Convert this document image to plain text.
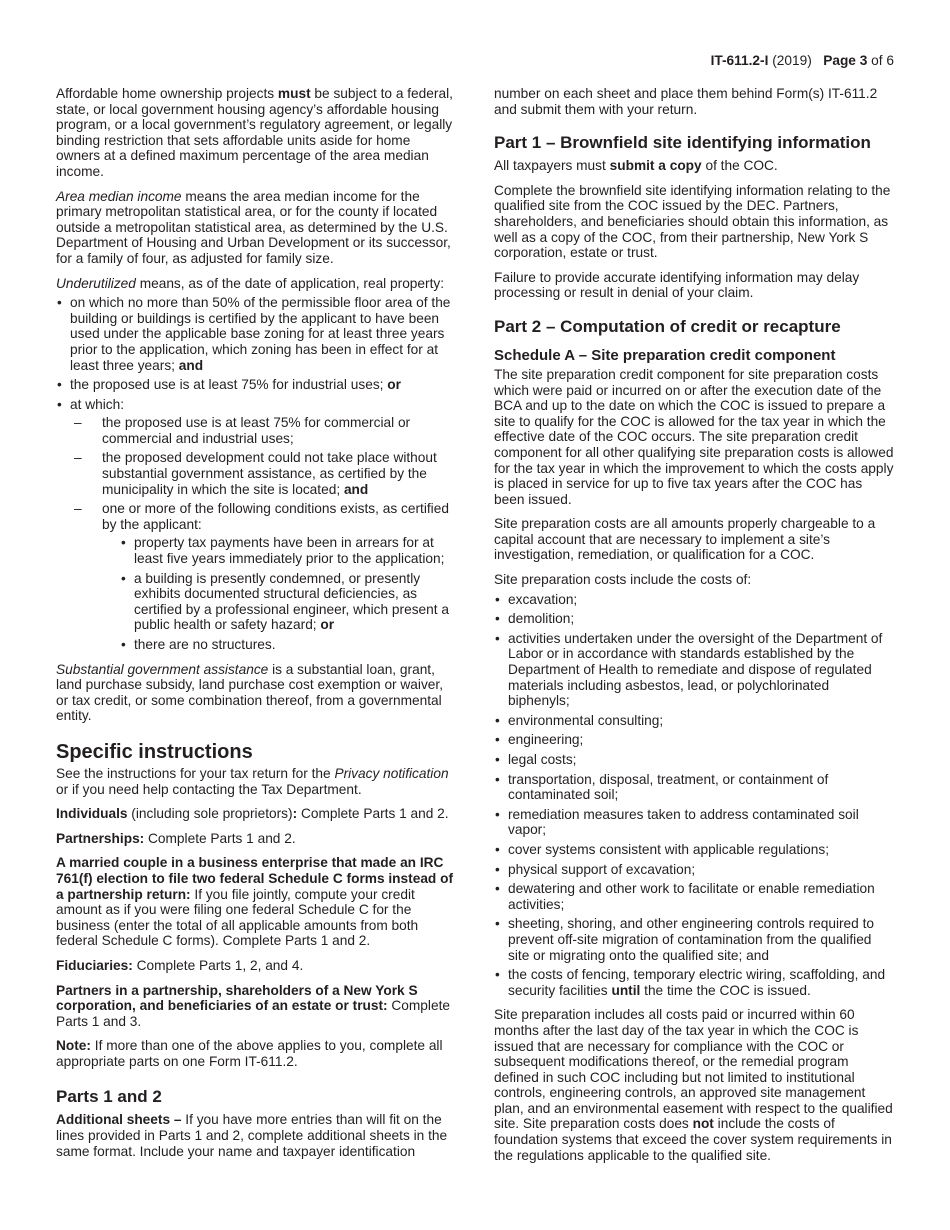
IT-611.2-I (2019) Page 3 of 6

Affordable home ownership projects must be subject to a federal, state, or local government housing agency’s affordable housing program, or a local government’s regulatory agreement, or legally binding restriction that sets affordable units aside for home owners at a defined maximum percentage of the area median income.

Area median income means the area median income for the primary metropolitan statistical area, or for the county if located outside a metropolitan statistical area, as determined by the U.S. Department of Housing and Urban Development or its successor, for a family of four, as adjusted for family size.

Underutilized means, as of the date of application, real property:

• on which no more than 50% of the permissible floor area of the building or buildings is certified by the applicant to have been used under the applicable base zoning for at least three years prior to the application, which zoning has been in effect for at least three years; and
• the proposed use is at least 75% for industrial uses; or
• at which:
– the proposed use is at least 75% for commercial or commercial and industrial uses;
– the proposed development could not take place without substantial government assistance, as certified by the municipality in which the site is located; and
– one or more of the following conditions exists, as certified by the applicant:
• property tax payments have been in arrears for at least five years immediately prior to the application;
• a building is presently condemned, or presently exhibits documented structural deficiencies, as certified by a professional engineer, which present a public health or safety hazard; or
• there are no structures.

Substantial government assistance is a substantial loan, grant, land purchase subsidy, land purchase cost exemption or waiver, or tax credit, or some combination thereof, from a governmental entity.

Specific instructions

See the instructions for your tax return for the Privacy notification or if you need help contacting the Tax Department.

Individuals (including sole proprietors): Complete Parts 1 and 2.

Partnerships: Complete Parts 1 and 2.

A married couple in a business enterprise that made an IRC 761(f) election to file two federal Schedule C forms instead of a partnership return: If you file jointly, compute your credit amount as if you were filing one federal Schedule C for the business (enter the total of all applicable amounts from both federal Schedule C forms). Complete Parts 1 and 2.

Fiduciaries: Complete Parts 1, 2, and 4.

Partners in a partnership, shareholders of a New York S corporation, and beneficiaries of an estate or trust: Complete Parts 1 and 3.

Note: If more than one of the above applies to you, complete all appropriate parts on one Form IT-611.2.

Parts 1 and 2

Additional sheets – If you have more entries than will fit on the lines provided in Parts 1 and 2, complete additional sheets in the same format. Include your name and taxpayer identification

number on each sheet and place them behind Form(s) IT-611.2 and submit them with your return.

Part 1 – Brownfield site identifying information

All taxpayers must submit a copy of the COC.

Complete the brownfield site identifying information relating to the qualified site from the COC issued by the DEC. Partners, shareholders, and beneficiaries should obtain this information, as well as a copy of the COC, from their partnership, New York S corporation, estate or trust.

Failure to provide accurate identifying information may delay processing or result in denial of your claim.

Part 2 – Computation of credit or recapture
Schedule A – Site preparation credit component

The site preparation credit component for site preparation costs which were paid or incurred on or after the execution date of the BCA and up to the date on which the COC is issued to prepare a site to qualify for the COC is allowed for the tax year in which the effective date of the COC occurs. The site preparation credit component for all other qualifying site preparation costs is allowed for the tax year in which the improvement to which the costs apply is placed in service for up to five tax years after the COC has been issued.

Site preparation costs are all amounts properly chargeable to a capital account that are necessary to implement a site’s investigation, remediation, or qualification for a COC.

Site preparation costs include the costs of:

• excavation;
• demolition;
• activities undertaken under the oversight of the Department of Labor or in accordance with standards established by the Department of Health to remediate and dispose of regulated materials including asbestos, lead, or polychlorinated biphenyls;
• environmental consulting;
• engineering;
• legal costs;
• transportation, disposal, treatment, or containment of contaminated soil;
• remediation measures taken to address contaminated soil vapor;
• cover systems consistent with applicable regulations;
• physical support of excavation;
• dewatering and other work to facilitate or enable remediation activities;
• sheeting, shoring, and other engineering controls required to prevent off-site migration of contamination from the qualified site or migrating onto the qualified site; and
• the costs of fencing, temporary electric wiring, scaffolding, and security facilities until the time the COC is issued.

Site preparation includes all costs paid or incurred within 60 months after the last day of the tax year in which the COC is issued that are necessary for compliance with the COC or subsequent modifications thereof, or the remedial program defined in such COC including but not limited to institutional controls, engineering controls, an approved site management plan, and an environmental easement with respect to the qualified site. Site preparation costs does not include the costs of foundation systems that exceed the cover system requirements in the regulations applicable to the qualified site.
